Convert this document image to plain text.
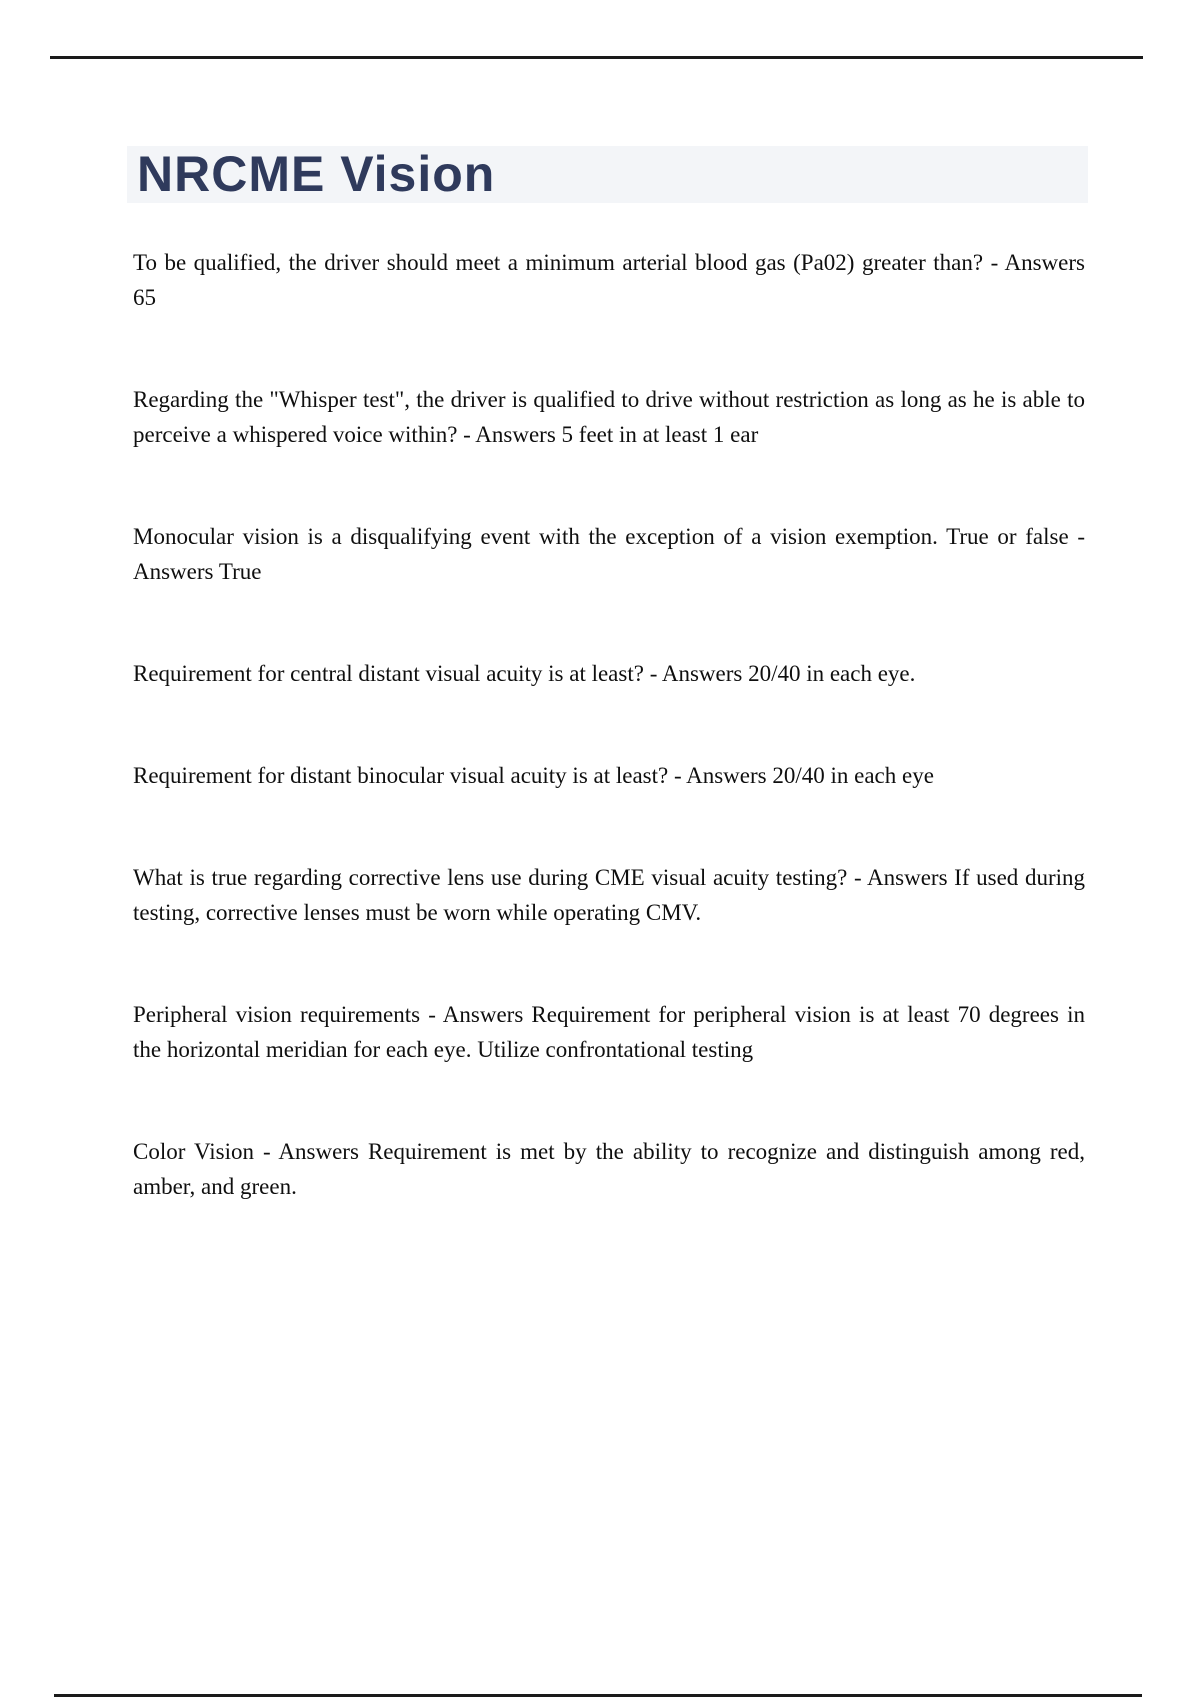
NRCME Vision

To be qualified, the driver should meet a minimum arterial blood gas (Pa02) greater than? - Answers 65

Regarding the "Whisper test", the driver is qualified to drive without restriction as long as he is able to perceive a whispered voice within? - Answers 5 feet in at least 1 ear

Monocular vision is a disqualifying event with the exception of a vision exemption. True or false - Answers True

Requirement for central distant visual acuity is at least? - Answers 20/40 in each eye.

Requirement for distant binocular visual acuity is at least? - Answers 20/40 in each eye

What is true regarding corrective lens use during CME visual acuity testing? - Answers If used during testing, corrective lenses must be worn while operating CMV.

Peripheral vision requirements - Answers Requirement for peripheral vision is at least 70 degrees in the horizontal meridian for each eye. Utilize confrontational testing

Color Vision - Answers Requirement is met by the ability to recognize and distinguish among red, amber, and green.
